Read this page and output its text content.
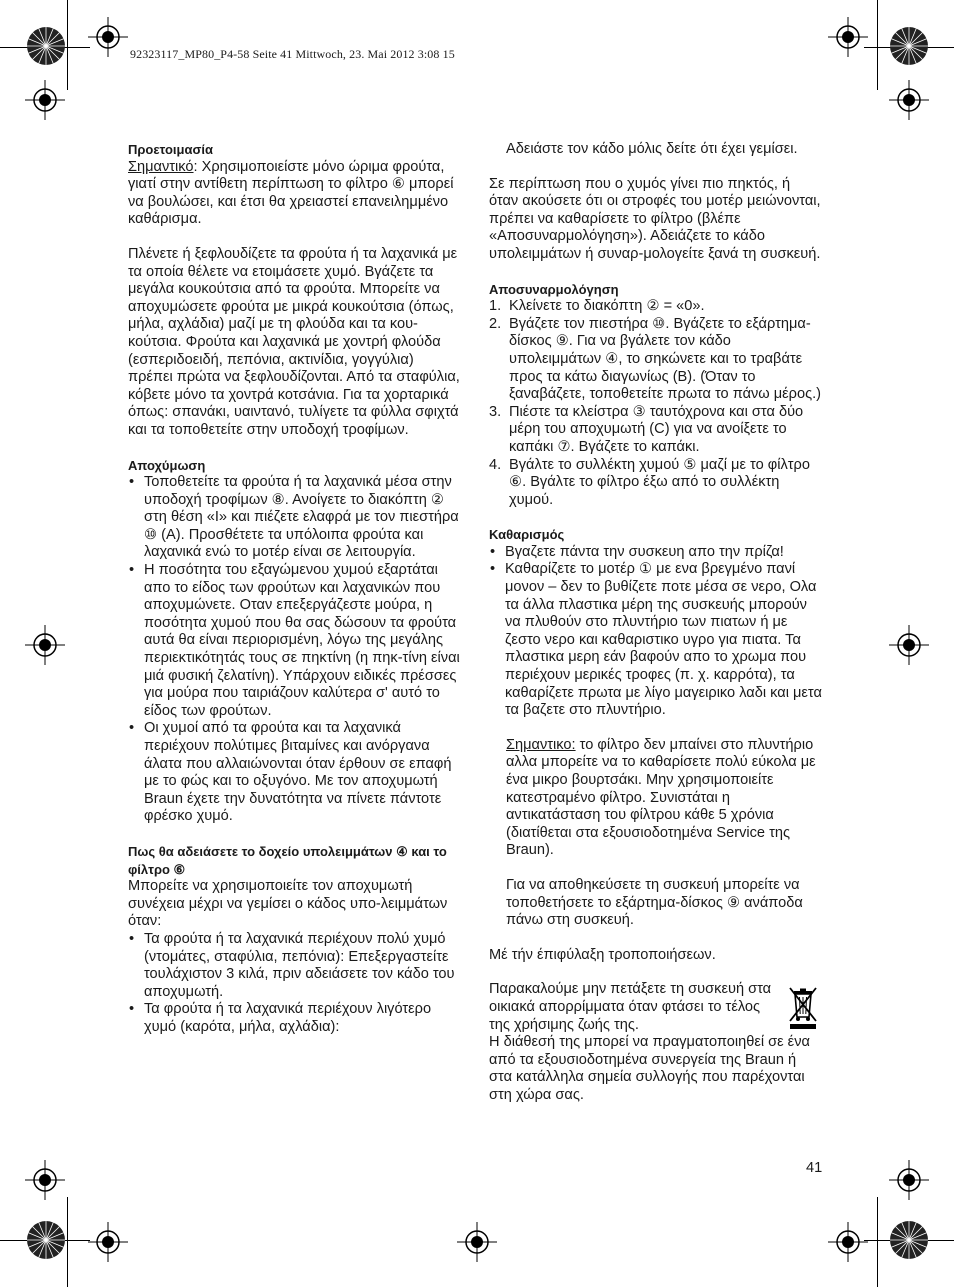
92323117_MP80_P4-58 Seite 41 Mittwoch, 23. Mai 2012 3:08 15
Προετοιμασία

Σημαντικό: Χρησιμοποιείστε μόνο ώριμα φρούτα, γιατί στην αντίθετη περίπτωση το φίλτρο ⑥ μπορεί να βουλώσει, και έτσι θα χρειαστεί επανειλημμένο καθάρισμα.

Πλένετε ή ξεφλουδίζετε τα φρούτα ή τα λαχανικά με τα οποία θέλετε να ετοιμάσετε χυμό. Βγάζετε τα μεγάλα κουκούτσια από τα φρούτα. Μπορείτε να αποχυμώσετε φρούτα με μικρά κουκούτσια (όπως, μήλα, αχλάδια) μαζί με τη φλούδα και τα κου-κούτσια. Φρούτα και λαχανικά με χοντρή φλούδα (εσπεριδοειδή, πεπόνια, ακτινίδια, γογγύλια) πρέπει πρώτα να ξεφλουδίζονται. Από τα σταφύλια, κόβετε μόνο τα χοντρά κοτσάνια. Για τα χορταρικά όπως: σπανάκι, υαιντανό, τυλίγετε τα φύλλα σφιχτά και τα τοποθετείτε στην υποδοχή τροφίμων.

Αποχύμωση
• Τοποθετείτε τα φρούτα ή τα λαχανικά μέσα στην υποδοχή τροφίμων ⑧. Ανοίγετε το διακόπτη ② στη θέση «I» και πιέζετε ελαφρά με τον πιεστήρα ⑩ (A). Προσθέτετε τα υπόλοιπα φρούτα και λαχανικά ενώ το μοτέρ είναι σε λειτουργία.
• Η ποσότητα του εξαγώμενου χυμού εξαρτάται απο το είδος των φρούτων και λαχανικών που αποχυμώνετε. Οταν επεξεργάζεστε μούρα, η ποσότητα χυμού που θα σας δώσουν τα φρούτα αυτά θα είναι περιορισμένη, λόγω της μεγάλης περιεκτικότητάς τους σε πηκτίνη (η πηκ-τίνη είναι μιά φυσική ζελατίνη). Υπάρχουν ειδικές πρέσσες για μούρα που ταιριάζουν καλύτερα σ' αυτό το είδος των φρούτων.
• Οι χυμοί από τα φρούτα και τα λαχανικά περιέχουν πολύτιμες βιταμίνες και ανόργανα άλατα που αλλαιώνονται όταν έρθουν σε επαφή με το φώς και το οξυγόνο. Με τον αποχυμωτή Braun έχετε την δυνατότητα να πίνετε πάντοτε φρέσκο χυμό.
Πως θα αδειάσετε το δοχείο υπολειμμάτων ④ και το φίλτρο ⑥

Μπορείτε να χρησιμοποιείτε τον αποχυμωτή συνέχεια μέχρι να γεμίσει ο κάδος υπο-λειμμάτων όταν:

• Τα φρούτα ή τα λαχανικά περιέχουν πολύ χυμό (ντομάτες, σταφύλια, πεπόνια): Επεξεργαστείτε τουλάχιστον 3 κιλά, πριν αδειάσετε τον κάδο του αποχυμωτή.
• Τα φρούτα ή τα λαχανικά περιέχουν λιγότερο χυμό (καρότα, μήλα, αχλάδια):

Αδειάστε τον κάδο μόλις δείτε ότι έχει γεμίσει.

Σε περίπτωση που ο χυμός γίνει πιο πηκτός, ή όταν ακούσετε ότι οι στροφές του μοτέρ μειώνονται, πρέπει να καθαρίσετε το φίλτρο (βλέπε «Αποσυναρμολόγηση»). Αδειάζετε το κάδο υπολειμμάτων ή συναρ-μολογείτε ξανά τη συσκευή.

Αποσυναρμολόγηση
1. Κλείνετε το διακόπτη ② = «0».
2. Βγάζετε τον πιεστήρα ⑩. Βγάζετε το εξάρτημα-δίσκος ⑨. Για να βγάλετε τον κάδο υπολειμμάτων ④, το σηκώνετε και το τραβάτε προς τα κάτω διαγωνίως (B). (Όταν το ξαναβάζετε, τοποθετείτε πρωτα το πάνω μέρος.)
3. Πιέστε τα κλείστρα ③ ταυτόχρονα και στα δύο μέρη του αποχυμωτή (C) για να ανοίξετε το καπάκι ⑦. Βγάζετε το καπάκι.
4. Βγάλτε το συλλέκτη χυμού ⑤ μαζί με το φίλτρο ⑥. Βγάλτε το φίλτρο έξω από το συλλέκτη χυμού.
Καθαρισμός
• Βγαζετε πάντα την συσκευη απο την πρίζα!
• Καθαρίζετε το μοτέρ ① με ενα βρεγμένο πανί μονον – δεν το βυθίζετε ποτε μέσα σε νερο, Ολα τα άλλα πλαστικα μέρη της συσκευής μπορούν να πλυθούν στο πλυντήριο των πιατων ή με ζεστο νερο και καθαριστικο υγρο για πιατα. Τα πλαστικα μερη εάν βαφούν απο το χρωμα που περιέχουν μερικές τροφες (π. χ. καρρότα), τα καθαρίζετε πρωτα με λίγο μαγειρικο λαδι και μετα τα βαζετε στο πλυντήριο.

Σημαντικο: το φίλτρο δεν μπαίνει στο πλυντήριο αλλα μπορείτε να το καθαρίσετε πολύ εύκολα με ένα μικρο βουρτσάκι. Μην χρησιμοποιείτε κατεστραμένο φίλτρο. Συνιστάται η αντικατάσταση του φίλτρου κάθε 5 χρόνια (διατίθεται στα εξουσιοδοτημένα Service της Braun).

Για να αποθηκεύσετε τη συσκευή μπορείτε να τοποθετήσετε το εξάρτημα-δίσκος ⑨ ανάποδα πάνω στη συσκευή.

Μέ τήν έπιφύλαξη τροποποιήσεων.

Παρακαλούμε μην πετάξετε τη συσκευή στα οικιακά απορρίμματα όταν φτάσει το τέλος της χρήσιμης ζωής της.
Η διάθεσή της μπορεί να πραγματοποιηθεί σε ένα από τα εξουσιοδοτημένα συνεργεία της Braun ή στα κατάλληλα σημεία συλλογής που παρέχονται στη χώρα σας.
41
